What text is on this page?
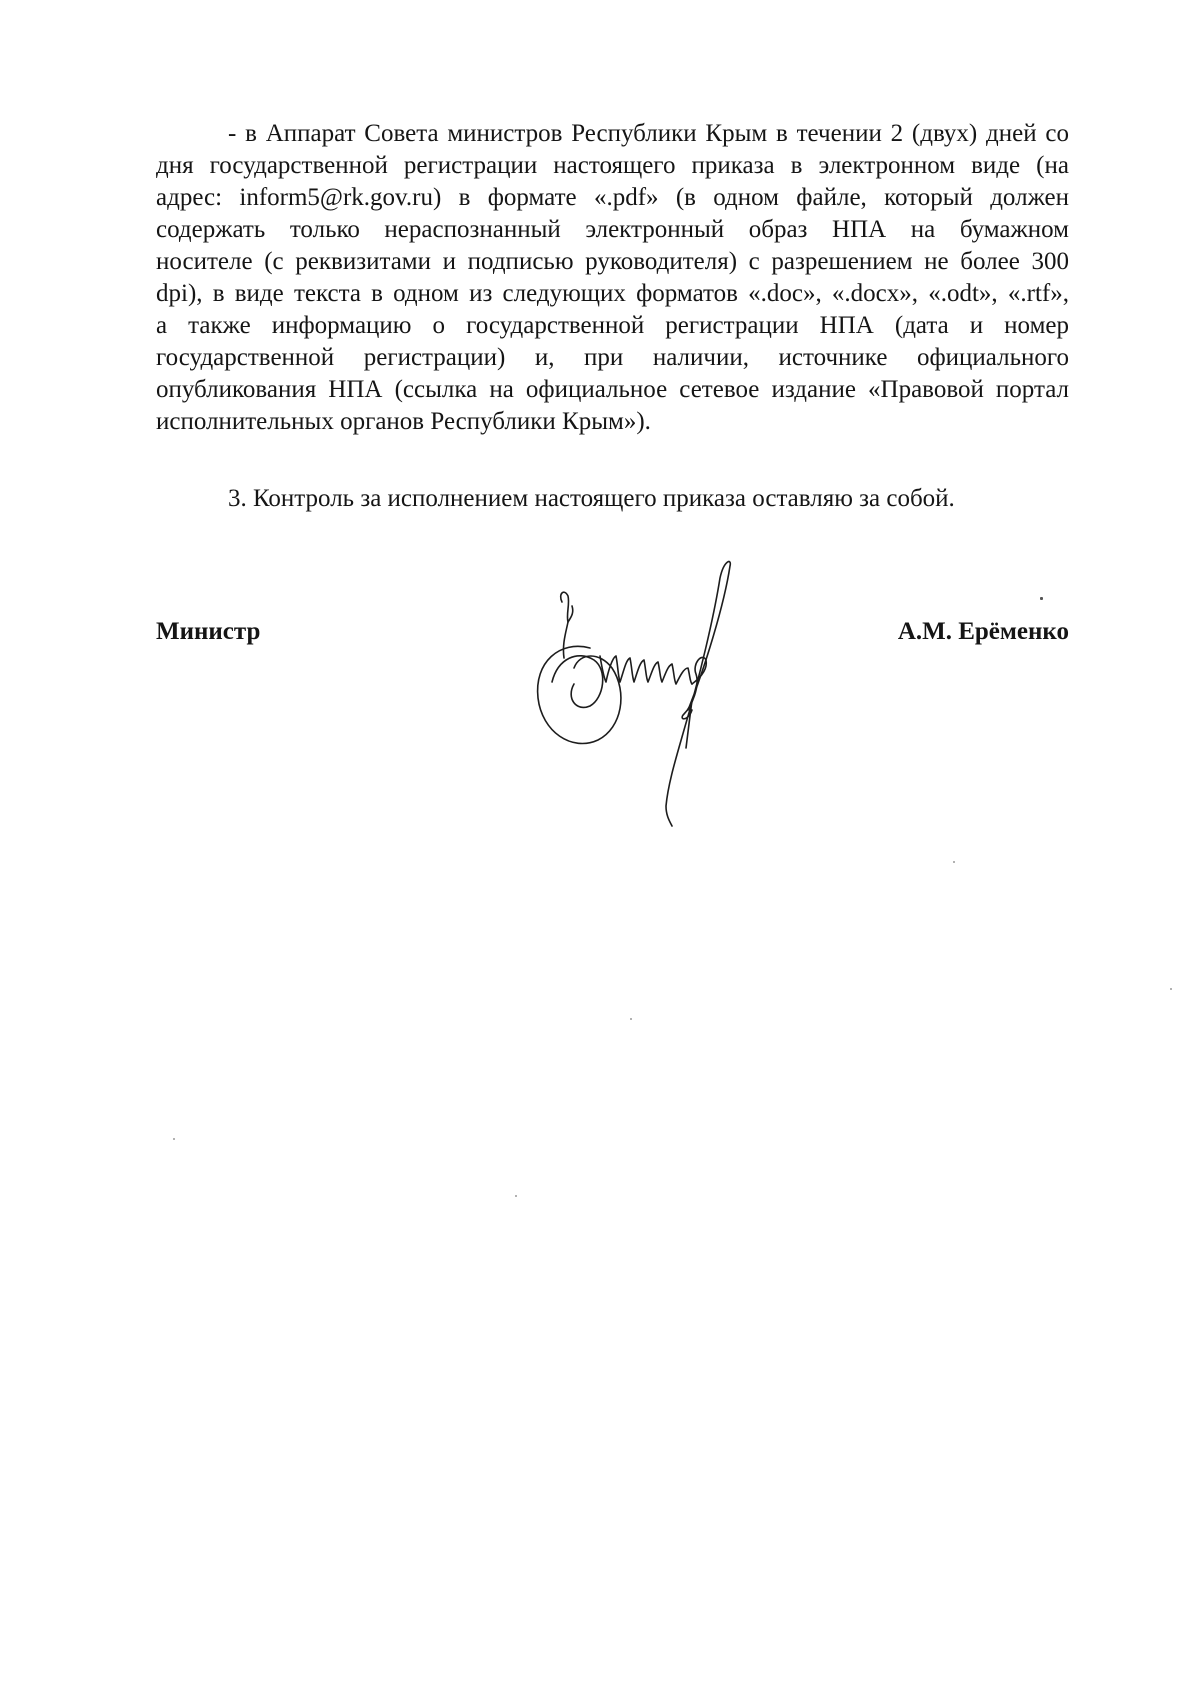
- в Аппарат Совета министров Республики Крым в течении 2 (двух) дней со
дня государственной регистрации настоящего приказа в электронном виде (на
адрес: inform5@rk.gov.ru) в формате «.pdf» (в одном файле, который должен
содержать только нераспознанный электронный образ НПА на бумажном
носителе (с реквизитами и подписью руководителя) с разрешением не более 300
dpi), в виде текста в одном из следующих форматов «.doc», «.docx», «.odt», «.rtf»,
а также информацию о государственной регистрации НПА (дата и номер
государственной регистрации) и, при наличии, источнике официального
опубликования НПА (ссылка на официальное сетевое издание «Правовой портал
исполнительных органов Республики Крым»).
3. Контроль за исполнением настоящего приказа оставляю за собой.
Министр	А.М. Ерёменко
